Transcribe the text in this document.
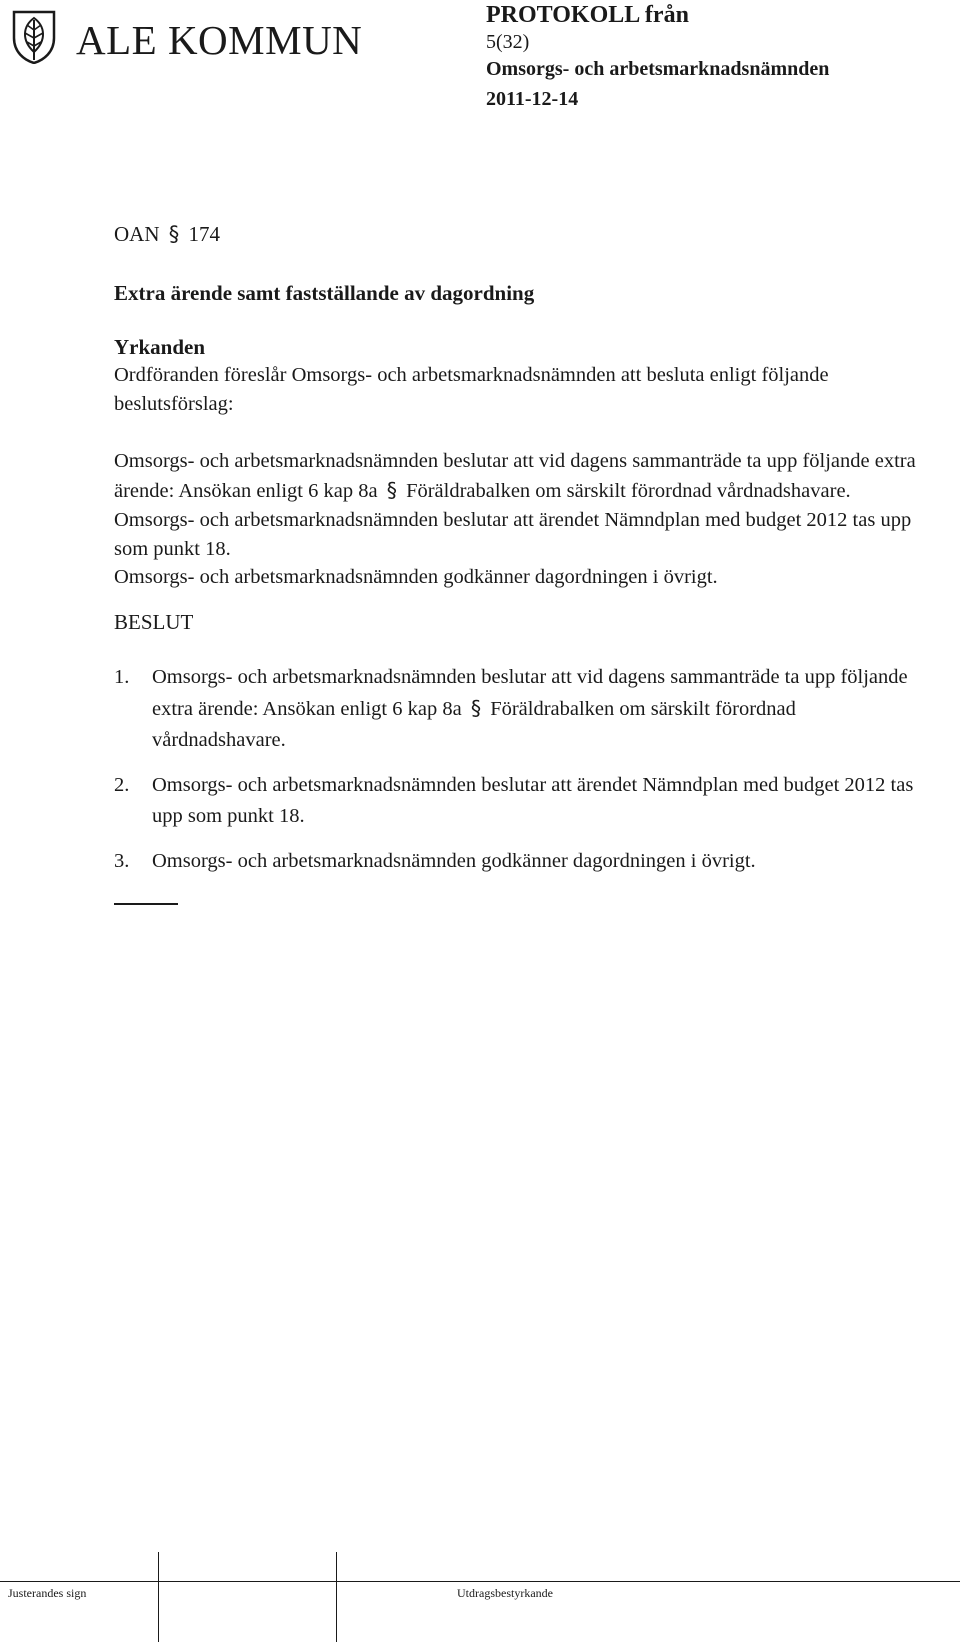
ALE KOMMUN
PROTOKOLL från
5(32)
Omsorgs- och arbetsmarknadsnämnden
2011-12-14
OAN § 174
Extra ärende samt fastställande av dagordning
Yrkanden
Ordföranden föreslår Omsorgs- och arbetsmarknadsnämnden att besluta enligt följande beslutsförslag:
Omsorgs- och arbetsmarknadsnämnden beslutar att vid dagens sammanträde ta upp följande extra ärende: Ansökan enligt 6 kap 8a § Föräldrabalken om särskilt förordnad vårdnadshavare.
Omsorgs- och arbetsmarknadsnämnden beslutar att ärendet Nämndplan med budget 2012 tas upp som punkt 18.
Omsorgs- och arbetsmarknadsnämnden godkänner dagordningen i övrigt.
BESLUT
1. Omsorgs- och arbetsmarknadsnämnden beslutar att vid dagens sammanträde ta upp följande extra ärende: Ansökan enligt 6 kap 8a § Föräldrabalken om särskilt förordnad vårdnadshavare.
2. Omsorgs- och arbetsmarknadsnämnden beslutar att ärendet Nämndplan med budget 2012 tas upp som punkt 18.
3. Omsorgs- och arbetsmarknadsnämnden godkänner dagordningen i övrigt.
Justerandes sign	Utdragsbestyrkande
